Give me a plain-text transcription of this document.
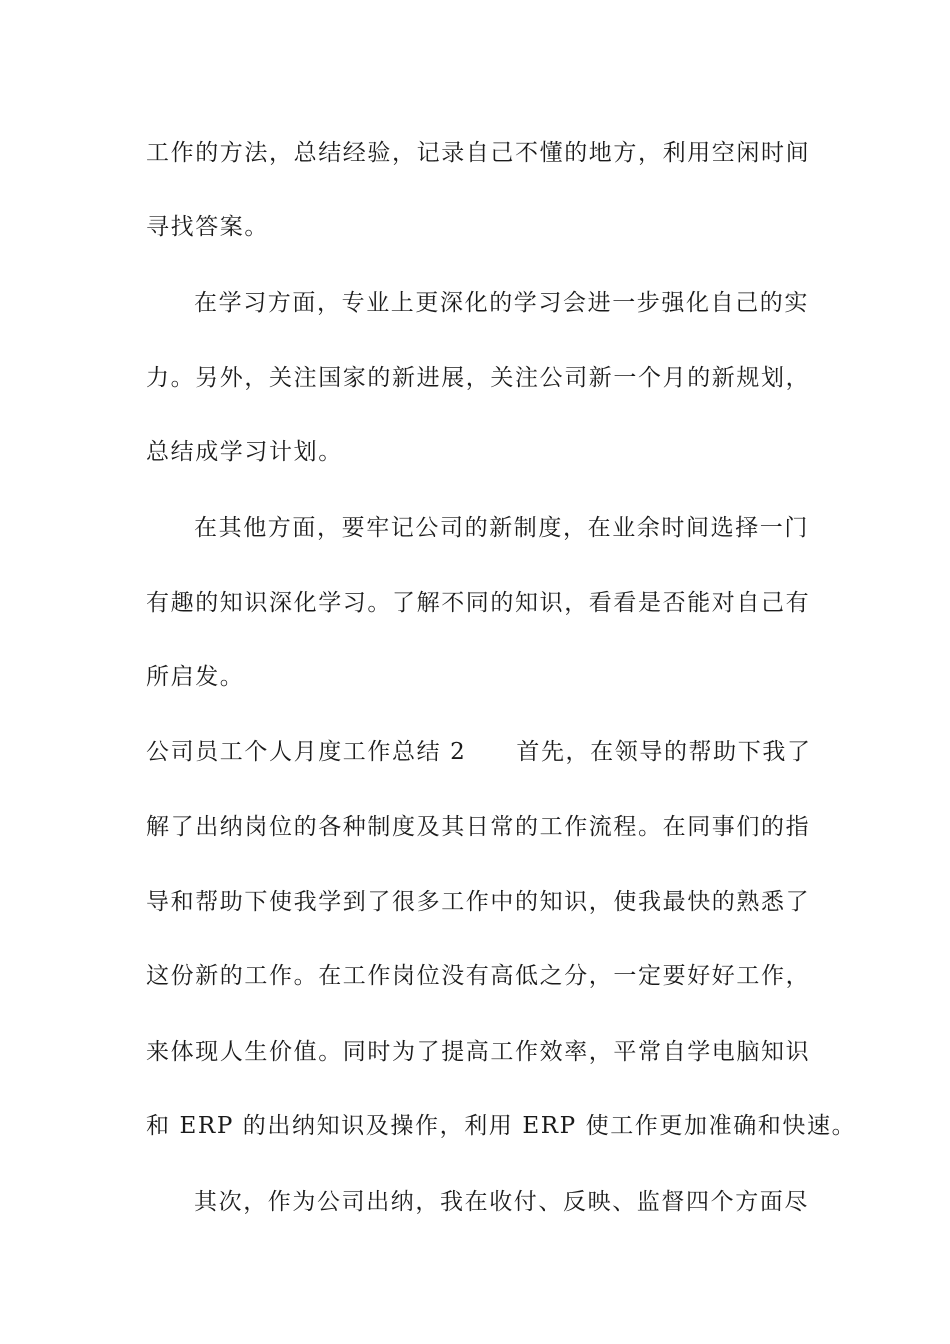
工作的方法，总结经验，记录自己不懂的地方，利用空闲时间
寻找答案。
在学习方面，专业上更深化的学习会进一步强化自己的实
力。另外，关注国家的新进展，关注公司新一个月的新规划，
总结成学习计划。
在其他方面，要牢记公司的新制度，在业余时间选择一门
有趣的知识深化学习。了解不同的知识，看看是否能对自己有
所启发。
公司员工个人月度工作总结 2 首先，在领导的帮助下我了
解了出纳岗位的各种制度及其日常的工作流程。在同事们的指
导和帮助下使我学到了很多工作中的知识，使我最快的熟悉了
这份新的工作。在工作岗位没有高低之分，一定要好好工作，
来体现人生价值。同时为了提高工作效率，平常自学电脑知识
和 ERP 的出纳知识及操作，利用 ERP 使工作更加准确和快速。
其次，作为公司出纳，我在收付、反映、监督四个方面尽
